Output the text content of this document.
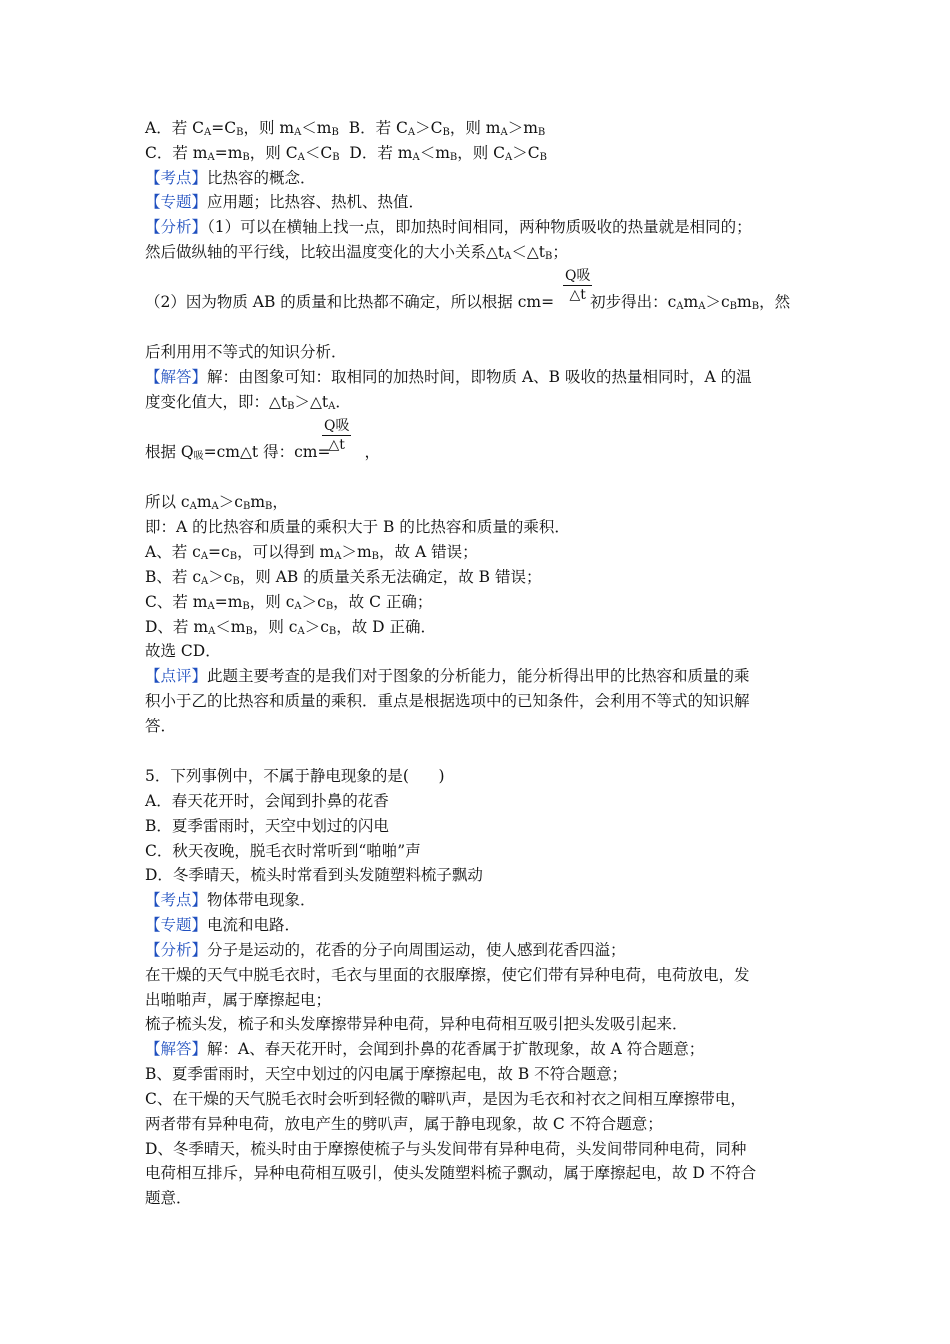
A．若 $C_A=C_B$，则 $m_A<m_B$  B．若 $C_A>C_B$，则 $m_A>m_B$
C．若 $m_A=m_B$，则 $C_A<C_B$  D．若 $m_A<m_B$，则 $C_A>C_B$
【考点】比热容的概念．
【专题】应用题；比热容、热机、热值．
【分析】（1）可以在横轴上找一点，即加热时间相同，两种物质吸收的热量就是相同的；
然后做纵轴的平行线，比较出温度变化的大小关系$\triangle t_A<\triangle t_B$；
Q吸
△t
（2）因为物质 AB 的质量和比热都不确定，所以根据 cm= 初步得出：$c_Am_A>c_Bm_B$，然
后利用用不等式的知识分析．
【解答】解：由图象可知：取相同的加热时间，即物质 A、B 吸收的热量相同时，A 的温
度变化值大，即：$\triangle t_B>\triangle t_A$．
Q吸
△t
根据 $Q_吸=cm\triangle t$ 得：cm= ，
所以 $c_Am_A>c_Bm_B$，
即：A 的比热容和质量的乘积大于 B 的比热容和质量的乘积．
A、若 $c_A=c_B$，可以得到 $m_A>m_B$，故 A 错误；
B、若 $c_A>c_B$，则 AB 的质量关系无法确定，故 B 错误；
C、若 $m_A=m_B$，则 $c_A>c_B$，故 C 正确；
D、若 $m_A<m_B$，则 $c_A>c_B$，故 D 正确．
故选 CD．
【点评】此题主要考查的是我们对于图象的分析能力，能分析得出甲的比热容和质量的乘
积小于乙的比热容和质量的乘积．重点是根据选项中的已知条件，会利用不等式的知识解
答．
5．下列事例中，不属于静电现象的是(      )
A．春天花开时，会闻到扑鼻的花香
B．夏季雷雨时，天空中划过的闪电
C．秋天夜晚，脱毛衣时常听到“啪啪”声
D．冬季晴天，梳头时常看到头发随塑料梳子飘动
【考点】物体带电现象．
【专题】电流和电路．
【分析】分子是运动的，花香的分子向周围运动，使人感到花香四溢；
在干燥的天气中脱毛衣时，毛衣与里面的衣服摩擦，使它们带有异种电荷，电荷放电，发
出啪啪声，属于摩擦起电；
梳子梳头发，梳子和头发摩擦带异种电荷，异种电荷相互吸引把头发吸引起来．
【解答】解：A、春天花开时，会闻到扑鼻的花香属于扩散现象，故 A 符合题意；
B、夏季雷雨时，天空中划过的闪电属于摩擦起电，故 B 不符合题意；
C、在干燥的天气脱毛衣时会听到轻微的噼叭声，是因为毛衣和衬衣之间相互摩擦带电，
两者带有异种电荷，放电产生的劈叭声，属于静电现象，故 C 不符合题意；
D、冬季晴天，梳头时由于摩擦使梳子与头发间带有异种电荷，头发间带同种电荷，同种
电荷相互排斥，异种电荷相互吸引，使头发随塑料梳子飘动，属于摩擦起电，故 D 不符合
题意．
